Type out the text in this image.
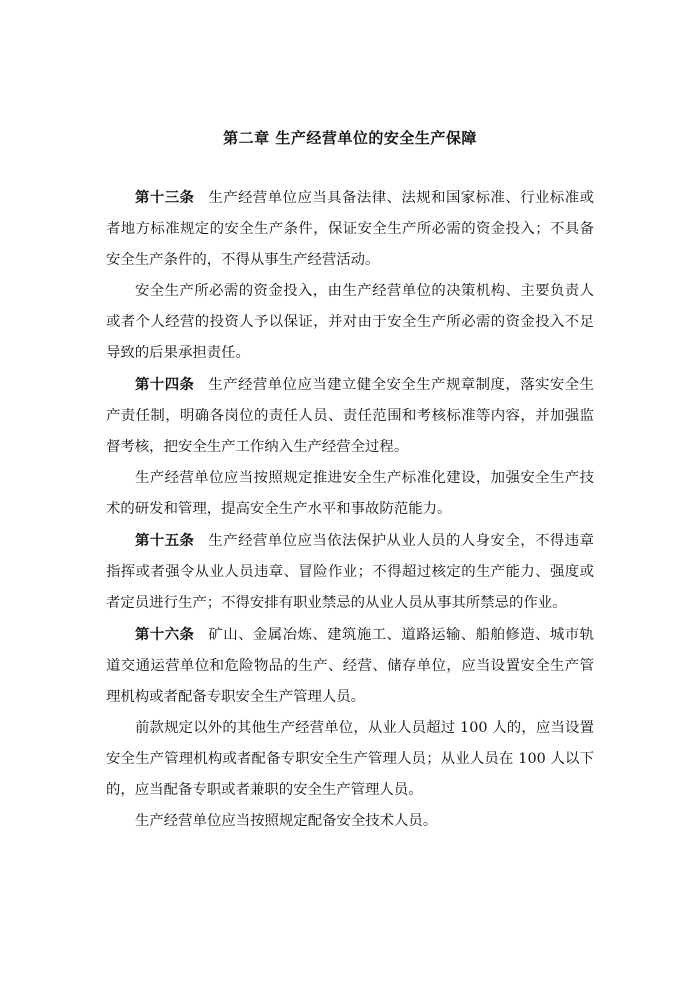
第二章 生产经营单位的安全生产保障

第十三条 生产经营单位应当具备法律、法规和国家标准、行业标准或者地方标准规定的安全生产条件，保证安全生产所必需的资金投入；不具备安全生产条件的，不得从事生产经营活动。

安全生产所必需的资金投入，由生产经营单位的决策机构、主要负责人或者个人经营的投资人予以保证，并对由于安全生产所必需的资金投入不足导致的后果承担责任。

第十四条 生产经营单位应当建立健全安全生产规章制度，落实安全生产责任制，明确各岗位的责任人员、责任范围和考核标准等内容，并加强监督考核，把安全生产工作纳入生产经营全过程。

生产经营单位应当按照规定推进安全生产标准化建设，加强安全生产技术的研发和管理，提高安全生产水平和事故防范能力。

第十五条 生产经营单位应当依法保护从业人员的人身安全，不得违章指挥或者强令从业人员违章、冒险作业；不得超过核定的生产能力、强度或者定员进行生产；不得安排有职业禁忌的从业人员从事其所禁忌的作业。

第十六条 矿山、金属冶炼、建筑施工、道路运输、船舶修造、城市轨道交通运营单位和危险物品的生产、经营、储存单位，应当设置安全生产管理机构或者配备专职安全生产管理人员。

前款规定以外的其他生产经营单位，从业人员超过 100 人的，应当设置安全生产管理机构或者配备专职安全生产管理人员；从业人员在 100 人以下的，应当配备专职或者兼职的安全生产管理人员。

生产经营单位应当按照规定配备安全技术人员。
